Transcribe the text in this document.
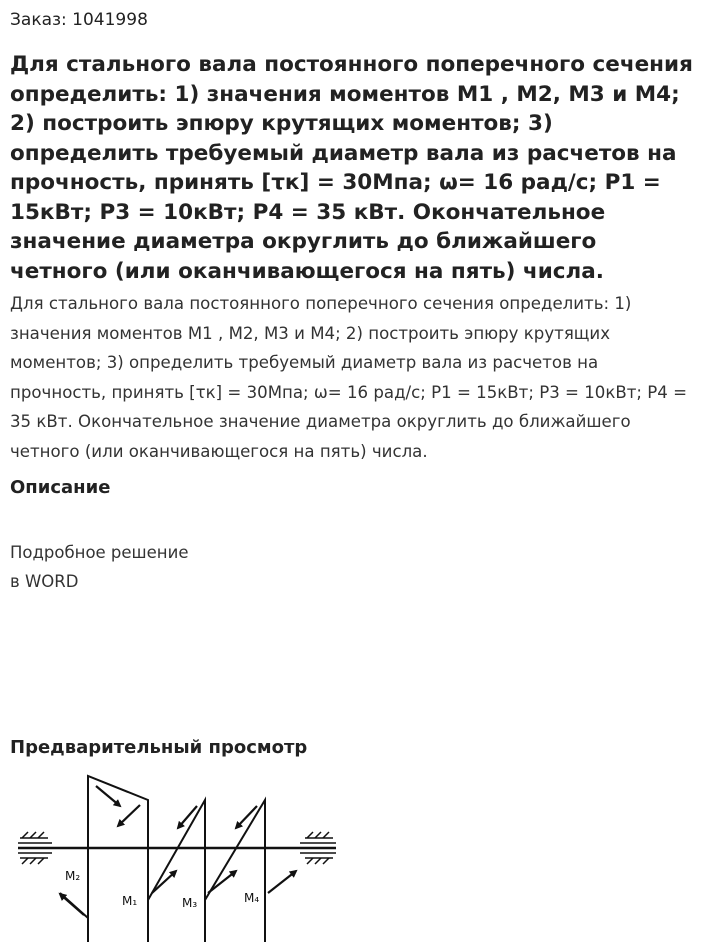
Заказ: 1041998

Для стального вала постоянного поперечного сечения определить: 1) значения моментов М1 , М2, М3 и М4; 2) построить эпюру крутящих моментов; 3) определить требуемый диаметр вала из расчетов на прочность, принять [τк] = 30Мпа; ω= 16 рад/с; Р1 = 15кВт; Р3 = 10кВт; Р4 = 35 кВт. Окончательное значение диаметра округлить до ближайшего четного (или оканчивающегося на пять) числа.

Для стального вала постоянного поперечного сечения определить: 1) значения моментов М1 , М2, М3 и М4; 2) построить эпюру крутящих моментов; 3) определить требуемый диаметр вала из расчетов на прочность, принять [τк] = 30Мпа; ω= 16 рад/с; Р1 = 15кВт; Р3 = 10кВт; Р4 = 35 кВт. Окончательное значение диаметра округлить до ближайшего четного (или оканчивающегося на пять) числа.

Описание
Подробное решение
в WORD
Предварительный просмотр
M₂
M₁	M₃	M₄
